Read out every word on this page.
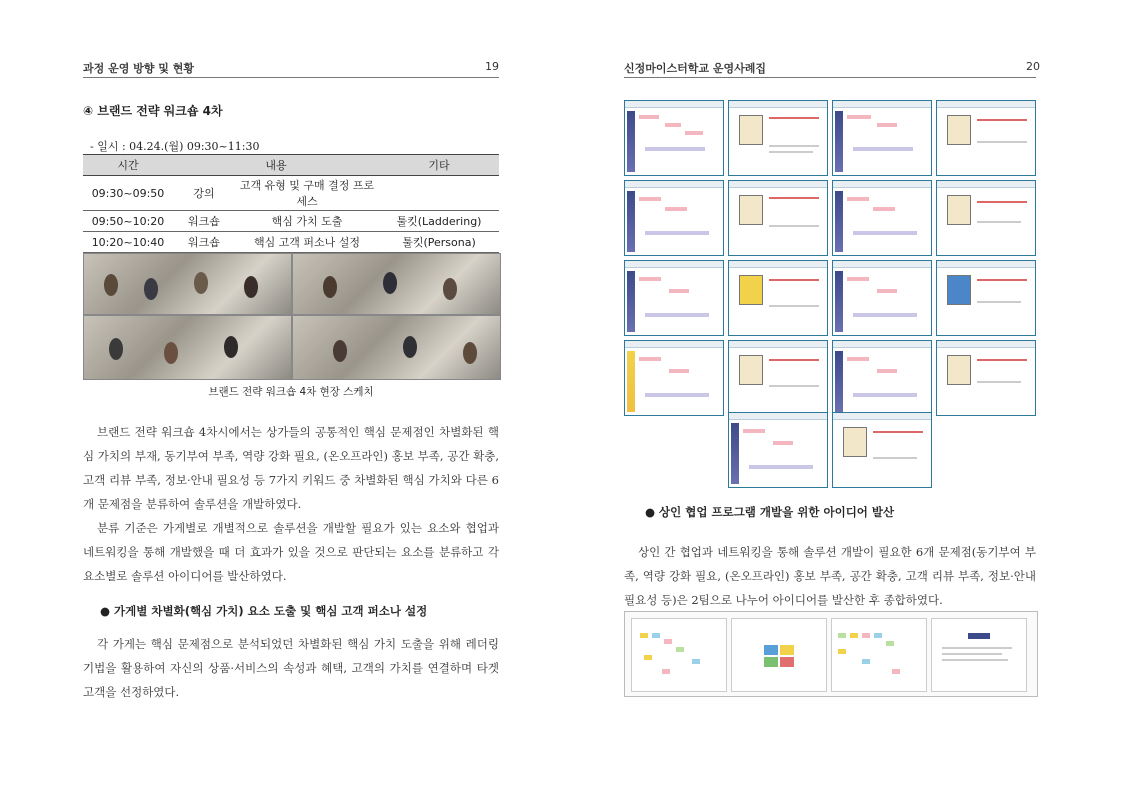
과정 운영 방향 및 현황	19
④ 브랜드 전략 워크숍 4차
- 일시 : 04.24.(월) 09:30~11:30
시간	내용		기타
09:30~09:50	강의	고객 유형 및 구매 결정 프로세스	
09:50~10:20	워크숍	핵심 가치 도출	툴킷(Laddering)
10:20~10:40	워크숍	핵심 고객 퍼소나 설정	툴킷(Persona)

브랜드 전략 워크숍 4차 현장 스케치
브랜드 전략 워크숍 4차시에서는 상가들의 공통적인 핵심 문제점인 차별화된 핵심 가치의 부재, 동기부여 부족, 역량 강화 필요, (온오프라인) 홍보 부족, 공간 확충, 고객 리뷰 부족, 정보·안내 필요성 등 7가지 키워드 중 차별화된 핵심 가치와 다른 6개 문제점을 분류하여 솔루션을 개발하였다.
분류 기준은 가게별로 개별적으로 솔루션을 개발할 필요가 있는 요소와 협업과 네트워킹을 통해 개발했을 때 더 효과가 있을 것으로 판단되는 요소를 분류하고 각 요소별로 솔루션 아이디어를 발산하였다.
● 가게별 차별화(핵심 가치) 요소 도출 및 핵심 고객 퍼소나 설정
각 가게는 핵심 문제점으로 분석되었던 차별화된 핵심 가치 도출을 위해 레더링 기법을 활용하여 자신의 상품·서비스의 속성과 혜택, 고객의 가치를 연결하며 타겟 고객을 선정하였다.
신정마이스터학교 운영사례집	20
● 상인 협업 프로그램 개발을 위한 아이디어 발산
상인 간 협업과 네트워킹을 통해 솔루션 개발이 필요한 6개 문제점(동기부여 부족, 역량 강화 필요, (온오프라인) 홍보 부족, 공간 확충, 고객 리뷰 부족, 정보·안내 필요성 등)은 2팀으로 나누어 아이디어를 발산한 후 종합하였다.
